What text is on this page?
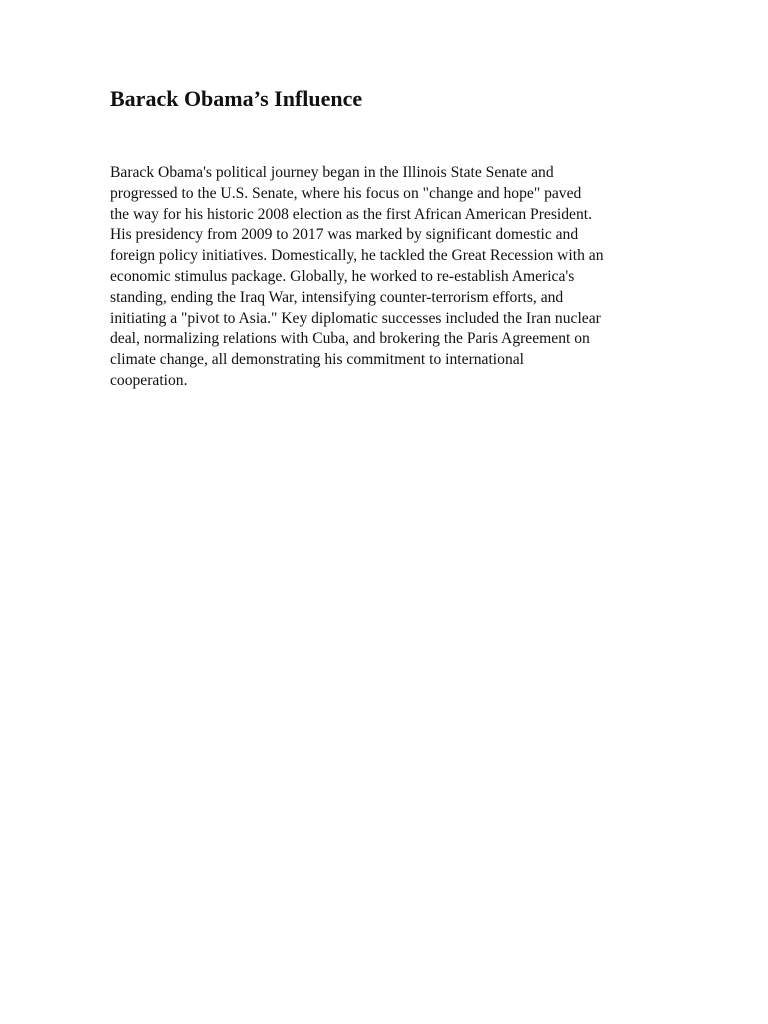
Barack Obama’s Influence

Barack Obama's political journey began in the Illinois State Senate and
progressed to the U.S. Senate, where his focus on "change and hope" paved
the way for his historic 2008 election as the first African American President.
His presidency from 2009 to 2017 was marked by significant domestic and
foreign policy initiatives. Domestically, he tackled the Great Recession with an
economic stimulus package. Globally, he worked to re-establish America's
standing, ending the Iraq War, intensifying counter-terrorism efforts, and
initiating a "pivot to Asia." Key diplomatic successes included the Iran nuclear
deal, normalizing relations with Cuba, and brokering the Paris Agreement on
climate change, all demonstrating his commitment to international
cooperation.
